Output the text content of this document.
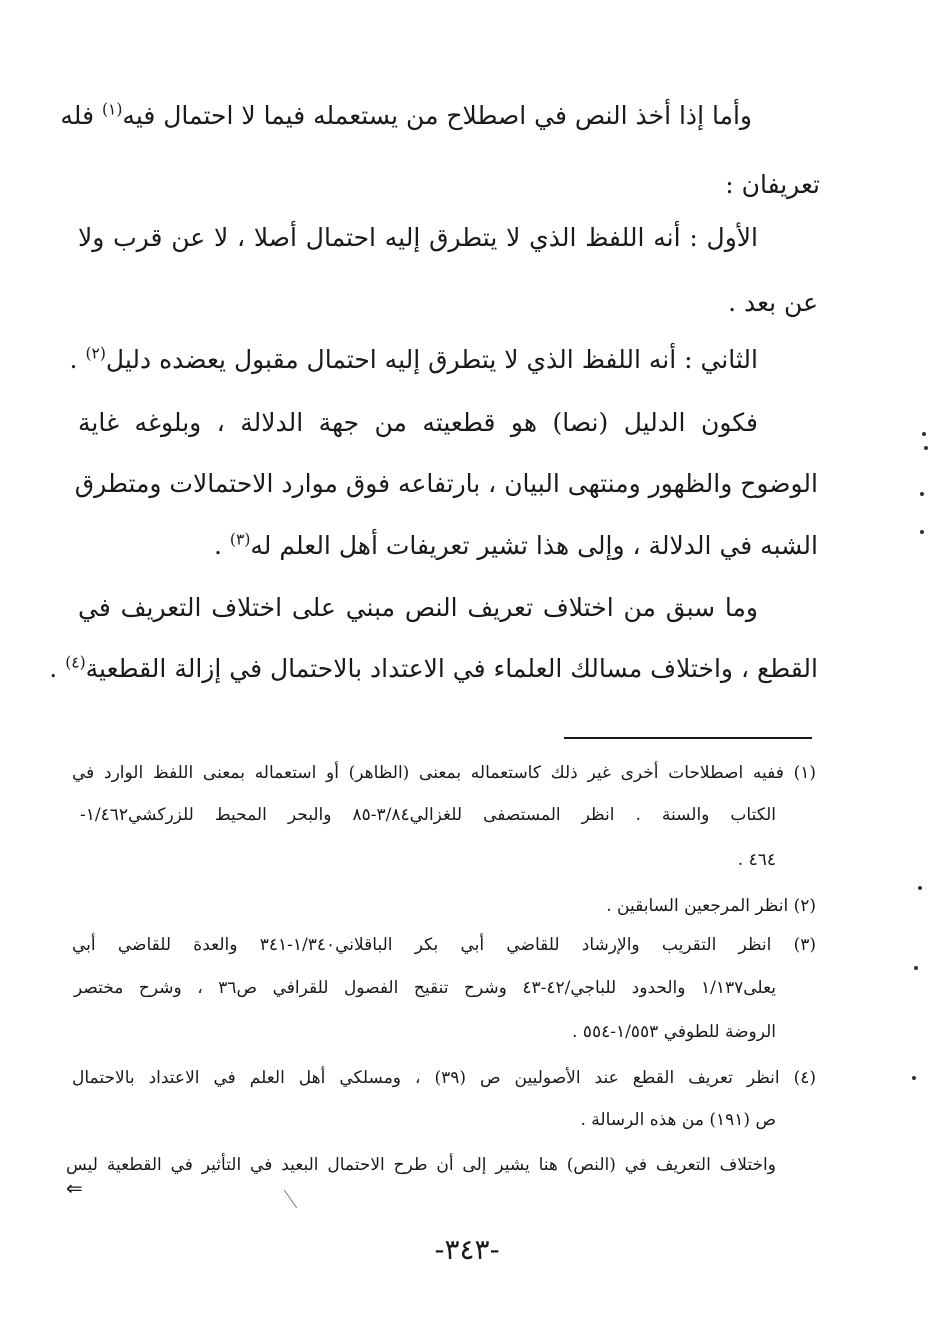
وأما إذا أخذ النص في اصطلاح من يستعمله فيما لا احتمال فيه$^{(١)}$ فله
تعريفان :
الأول : أنه اللفظ الذي لا يتطرق إليه احتمال أصلا ، لا عن قرب ولا
عن بعد .
الثاني : أنه اللفظ الذي لا يتطرق إليه احتمال مقبول يعضده دليل$^{(٢)}$ .
فكون الدليل (نصا) هو قطعيته من جهة الدلالة ، وبلوغه غاية
الوضوح والظهور ومنتهى البيان ، بارتفاعه فوق موارد الاحتمالات ومتطرق
الشبه في الدلالة ، وإلى هذا تشير تعريفات أهل العلم له$^{(٣)}$ .
وما سبق من اختلاف تعريف النص مبني على اختلاف التعريف في
القطع ، واختلاف مسالك العلماء في الاعتداد بالاحتمال في إزالة القطعية$^{(٤)}$ .
(١) ففيه اصطلاحات أخرى غير ذلك كاستعماله بمعنى (الظاهر) أو استعماله بمعنى اللفظ الوارد في
الكتاب والسنة . انظر المستصفى للغزالي٣/٨٤-٨٥ والبحر المحيط للزركشي١/٤٦٢-
٤٦٤ .
(٢) انظر المرجعين السابقين .
(٣) انظر التقريب والإرشاد للقاضي أبي بكر الباقلاني١/٣٤٠-٣٤١ والعدة للقاضي أبي
يعلى١/١٣٧ والحدود للباجي/٤٢-٤٣ وشرح تنقيح الفصول للقرافي ص٣٦ ، وشرح مختصر
الروضة للطوفي ١/٥٥٣-٥٥٤ .
(٤) انظر تعريف القطع عند الأصوليين ص (٣٩) ، ومسلكي أهل العلم في الاعتداد بالاحتمال
ص (١٩١) من هذه الرسالة .
واختلاف التعريف في (النص) هنا يشير إلى أن طرح الاحتمال البعيد في التأثير في القطعية ليس
⇐
-٣٤٣-
